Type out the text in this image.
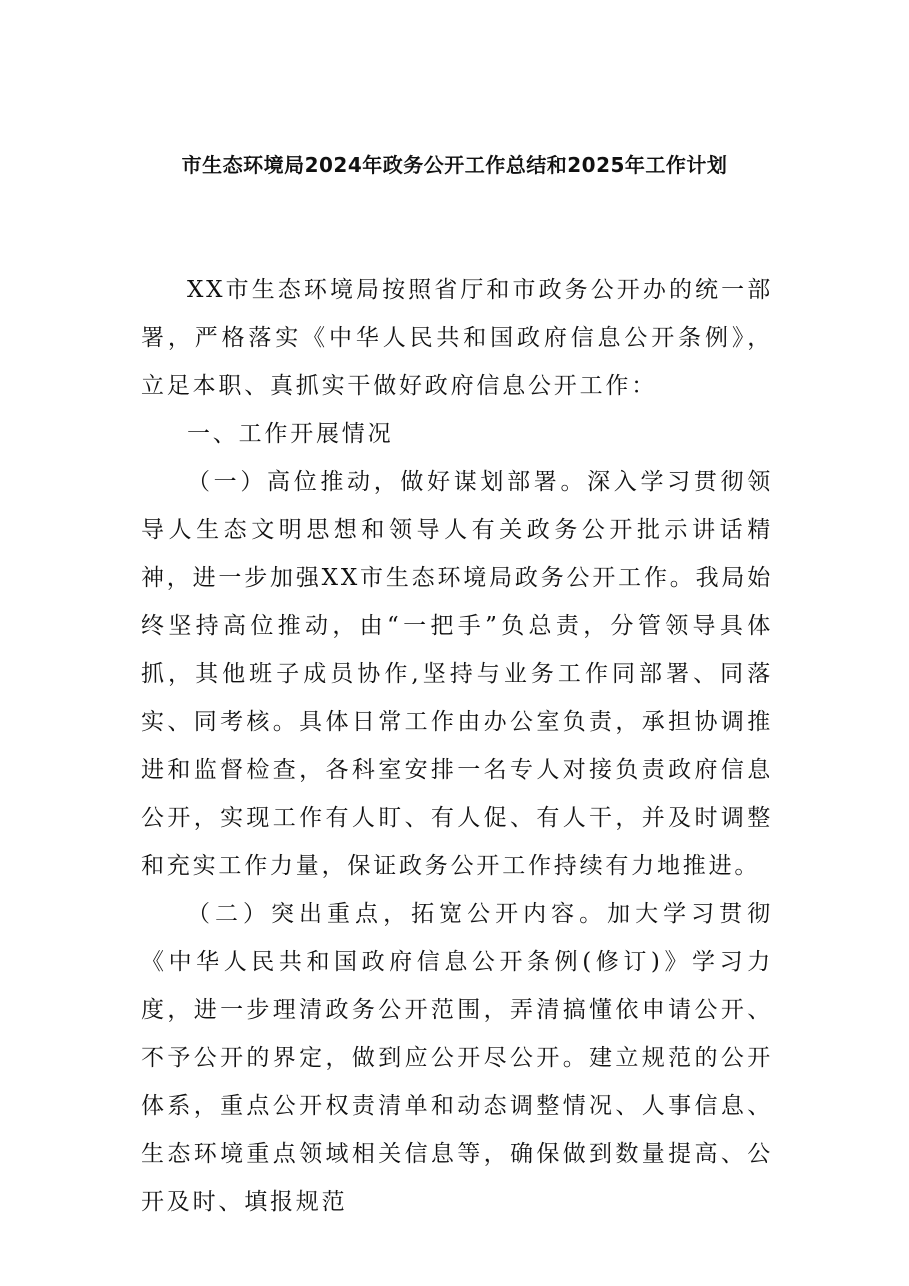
市生态环境局2024年政务公开工作总结和2025年工作计划

XX市生态环境局按照省厅和市政务公开办的统一部署，严格落实《中华人民共和国政府信息公开条例》，立足本职、真抓实干做好政府信息公开工作：

一、工作开展情况

（一）高位推动，做好谋划部署。深入学习贯彻领导人生态文明思想和领导人有关政务公开批示讲话精神，进一步加强XX市生态环境局政务公开工作。我局始终坚持高位推动，由“一把手”负总责，分管领导具体抓，其他班子成员协作,坚持与业务工作同部署、同落实、同考核。具体日常工作由办公室负责，承担协调推进和监督检查，各科室安排一名专人对接负责政府信息公开，实现工作有人盯、有人促、有人干，并及时调整和充实工作力量，保证政务公开工作持续有力地推进。

（二）突出重点，拓宽公开内容。加大学习贯彻《中华人民共和国政府信息公开条例(修订)》学习力度，进一步理清政务公开范围，弄清搞懂依申请公开、不予公开的界定，做到应公开尽公开。建立规范的公开体系，重点公开权责清单和动态调整情况、人事信息、生态环境重点领域相关信息等，确保做到数量提高、公开及时、填报规范
